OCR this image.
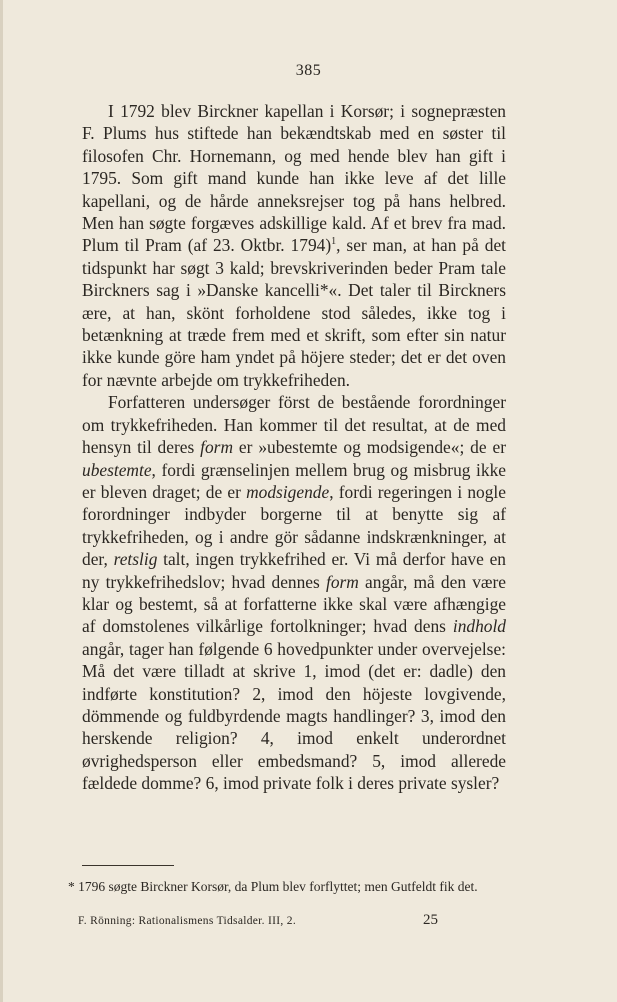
385

I 1792 blev Birckner kapellan i Korsør; i sognepræsten F. Plums hus stiftede han bekændtskab med en søster til filosofen Chr. Hornemann, og med hende blev han gift i 1795. Som gift mand kunde han ikke leve af det lille kapellani, og de hårde anneksrejser tog på hans helbred. Men han søgte forgæves adskillige kald. Af et brev fra mad. Plum til Pram (af 23. Oktbr. 1794)$^1$, ser man, at han på det tidspunkt har søgt 3 kald; brevskriverinden beder Pram tale Bircknerѕ sag i »Danske kancelli*«. Det taler til Bircknerѕ ære, at han, skönt forholdene stod således, ikke tog i betænkning at træde frem med et skrift, som efter sin natur ikke kunde göre ham yndet på höjere steder; det er det oven for nævnte arbejde om trykkefriheden.

Forfatteren undersøger först de bestående forordninger om trykkefriheden. Han kommer til det resultat, at de med hensyn til deres form er »ubestemte og modsigende«; de er ubestemte, fordi grænselinjen mellem brug og misbrug ikke er bleven draget; de er modsigende, fordi regeringen i nogle forordninger indbyder borgerne til at benytte sig af trykkefriheden, og i andre gör sådanne indskrænkninger, at der, retslig talt, ingen trykkefrihed er. Vi må derfor have en ny trykkefrihedslov; hvad dennes form angår, må den være klar og bestemt, så at forfatterne ikke skal være afhængige af domstolenes vilkårlige fortolkninger; hvad dens indhold angår, tager han følgende 6 hovedpunkter under overvejelse: Må det være tilladt at skrive 1, imod (det er: dadle) den indførte konstitution? 2, imod den höjeste lovgivende, dömmende og fuldbyrdende magts handlinger? 3, imod den herskende religion? 4, imod enkelt underordnet øvrighedsperson eller embedsmand? 5, imod allerede fældede domme? 6, imod private folk i deres private sysler?

* 1796 søgte Birckner Korsør, da Plum blev forflyttet; men Gutfeldt fik det.
F. Rönning: Rationalismens Tidsalder. III, 2.	25
